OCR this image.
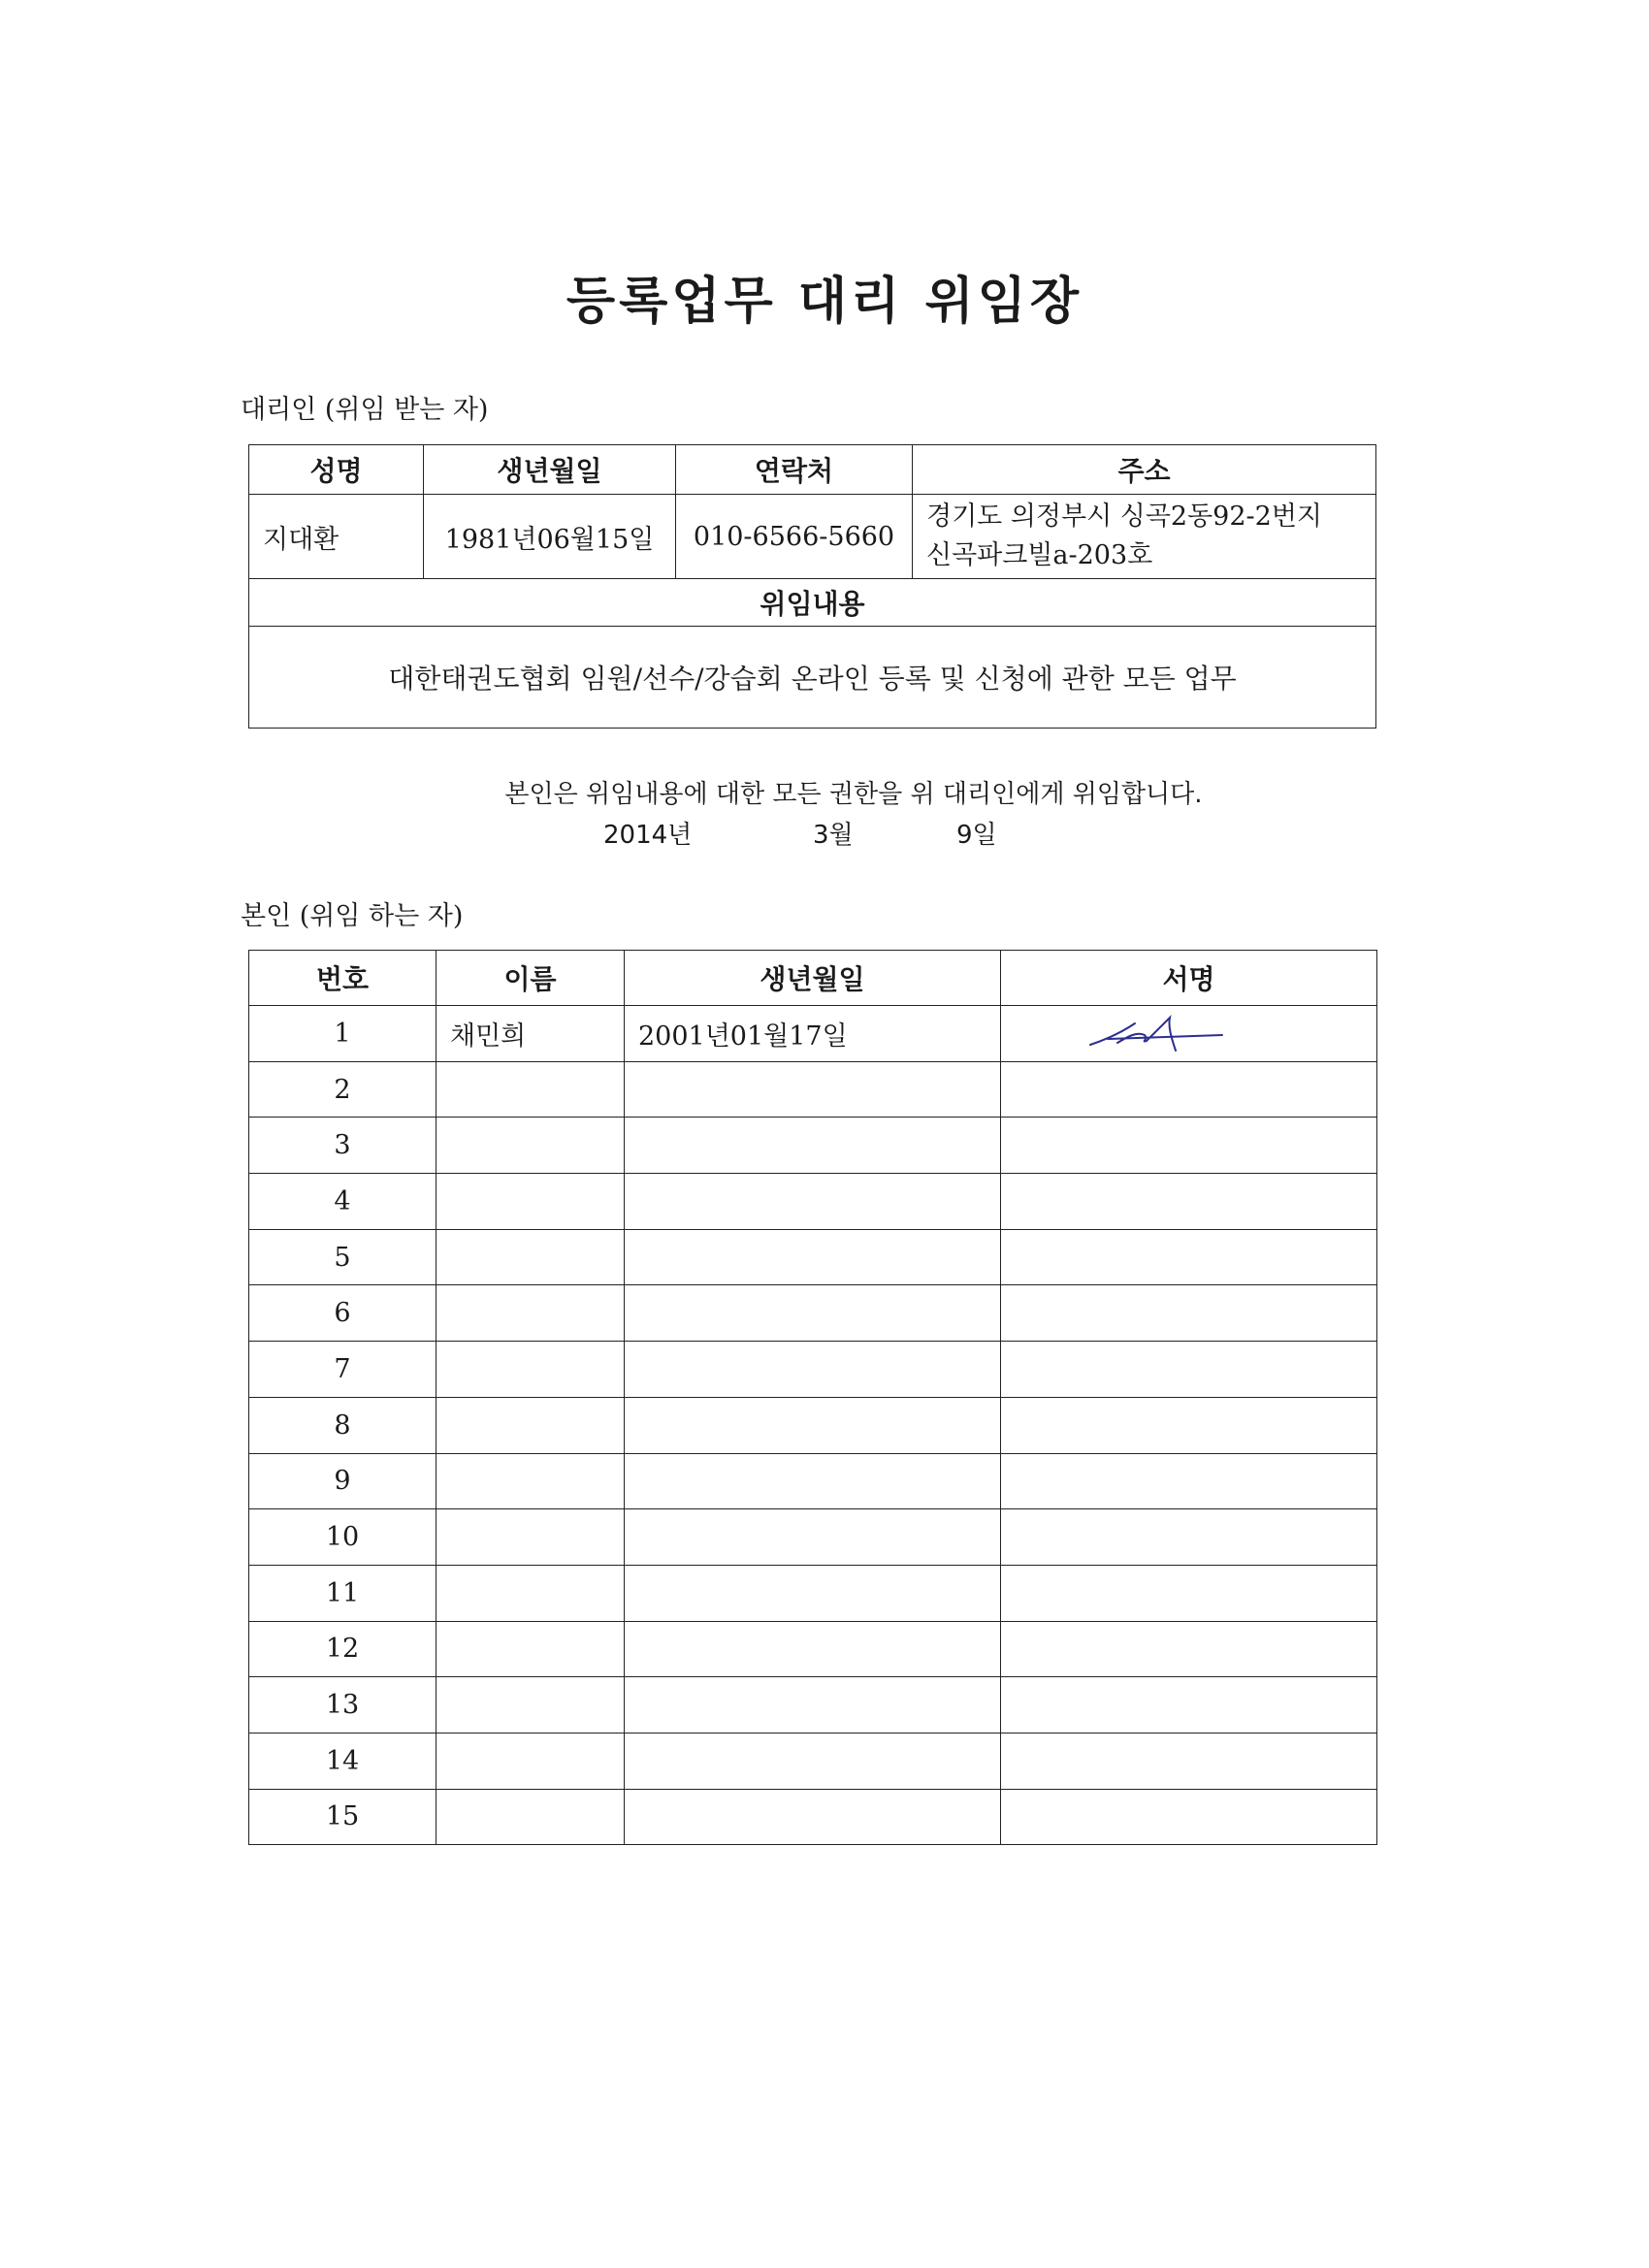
등록업무 대리 위임장
대리인 (위임 받는 자)
성명	생년월일	연락처	주소
지대환	1981년06월15일	010-6566-5660	경기도 의정부시 싱곡2동92-2번지
신곡파크빌a-203호

위임내용			
대한태권도협회 임원/선수/강습회 온라인 등록 및 신청에 관한 모든 업무			
본인은 위임내용에 대한 모든 권한을 위 대리인에게 위임합니다.
2014년	3월	9일
본인 (위임 하는 자)
번호	이름	생년월일	서명
1	채민희	2001년01월17일	

2			
3			
4			
5			
6			
7			
8			
9			
10			
11			
12			
13			
14			
15			
